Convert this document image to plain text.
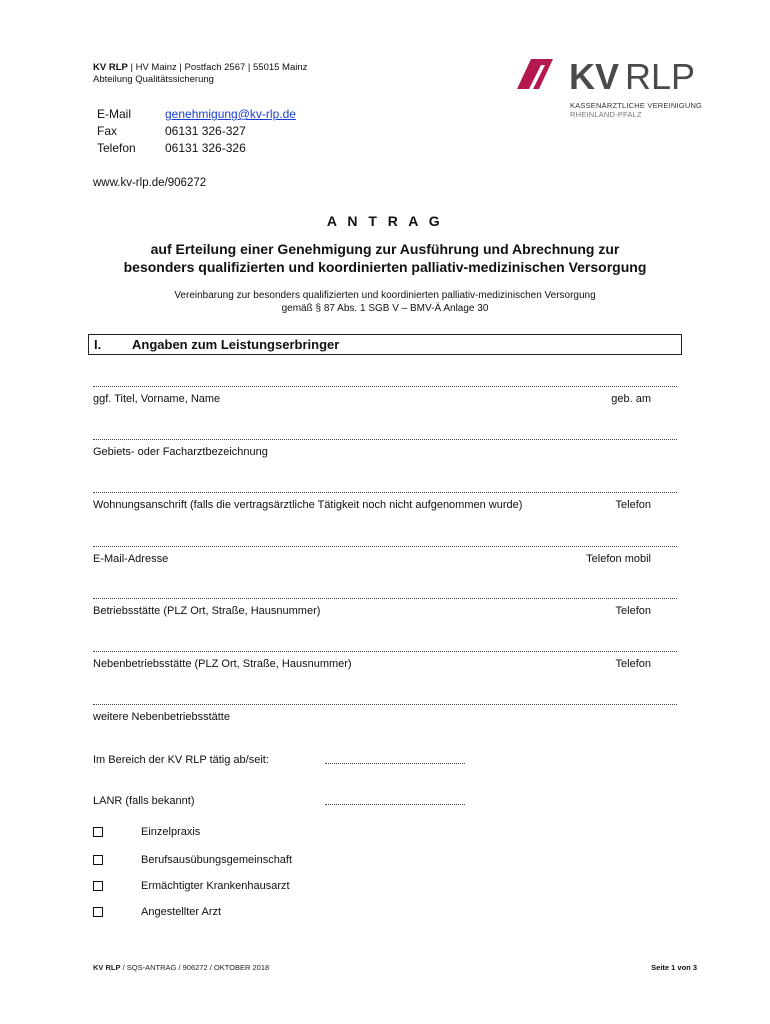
KV RLP | HV Mainz | Postfach 2567 | 55015 Mainz
Abteilung Qualitätssicherung
E-Mail	genehmigung@kv-rlp.de
Fax	06131 326-327
Telefon	06131 326-326
www.kv-rlp.de/906272
KV RLP
KASSENÄRZTLICHE VEREINIGUNG
RHEINLAND-PFALZ
A N T R A G
auf Erteilung einer Genehmigung zur Ausführung und Abrechnung zur
besonders qualifizierten und koordinierten palliativ-medizinischen Versorgung
Vereinbarung zur besonders qualifizierten und koordinierten palliativ-medizinischen Versorgung
gemäß § 87 Abs. 1 SGB V – BMV-Ä Anlage 30
I. Angaben zum Leistungserbringer
ggf. Titel, Vorname, Name	geb. am
Gebiets- oder Facharztbezeichnung
Wohnungsanschrift (falls die vertragsärztliche Tätigkeit noch nicht aufgenommen wurde)	Telefon
E-Mail-Adresse	Telefon mobil
Betriebsstätte (PLZ Ort, Straße, Hausnummer)	Telefon
Nebenbetriebsstätte (PLZ Ort, Straße, Hausnummer)	Telefon
weitere Nebenbetriebsstätte
Im Bereich der KV RLP tätig ab/seit:
LANR (falls bekannt)
Einzelpraxis
Berufsausübungsgemeinschaft
Ermächtigter Krankenhausarzt
Angestellter Arzt
KV RLP / SQS-ANTRAG / 906272 / OKTOBER 2018	Seite 1 von 3
